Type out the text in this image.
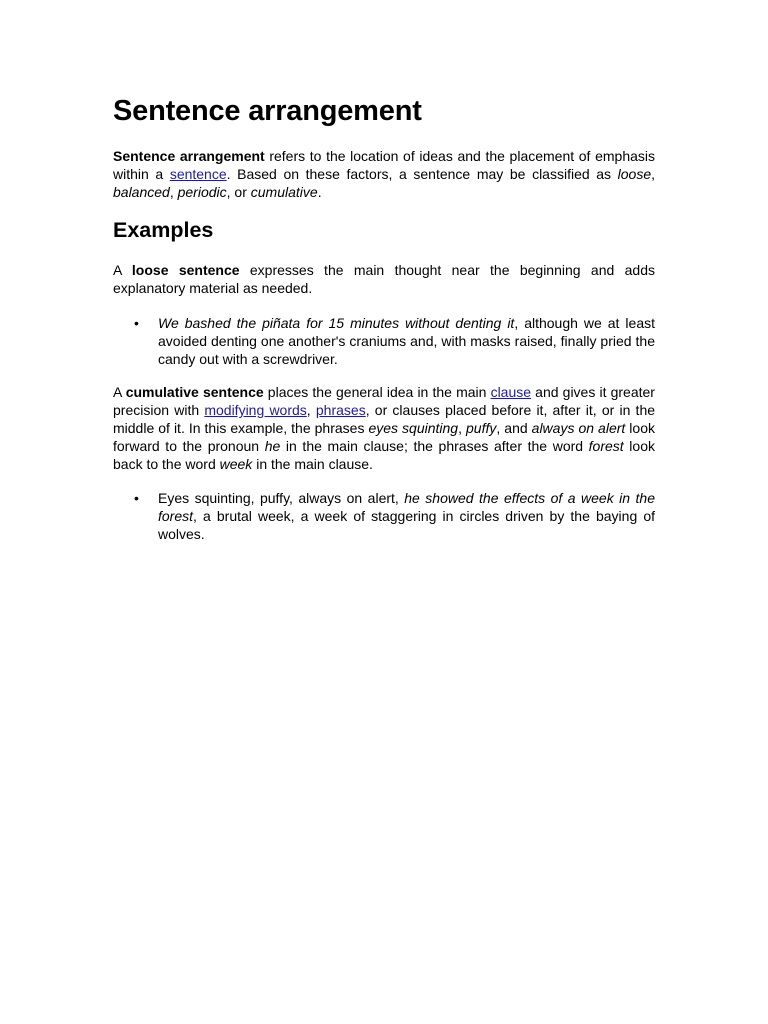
Sentence arrangement

Sentence arrangement refers to the location of ideas and the placement of emphasis within a sentence. Based on these factors, a sentence may be classified as loose, balanced, periodic, or cumulative.

Examples

A loose sentence expresses the main thought near the beginning and adds explanatory material as needed.

• We bashed the piñata for 15 minutes without denting it, although we at least avoided denting one another's craniums and, with masks raised, finally pried the candy out with a screwdriver.

A cumulative sentence places the general idea in the main clause and gives it greater precision with modifying words, phrases, or clauses placed before it, after it, or in the middle of it. In this example, the phrases eyes squinting, puffy, and always on alert look forward to the pronoun he in the main clause; the phrases after the word forest look back to the word week in the main clause.

• Eyes squinting, puffy, always on alert, he showed the effects of a week in the forest, a brutal week, a week of staggering in circles driven by the baying of wolves.
